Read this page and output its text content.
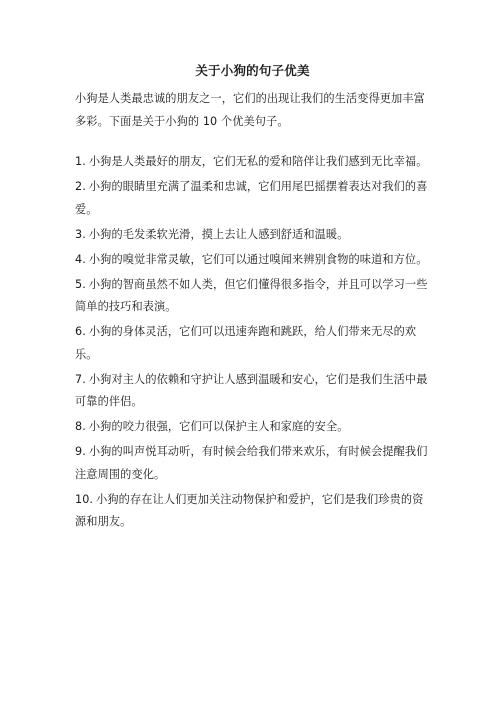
关于小狗的句子优美

小狗是人类最忠诚的朋友之一，它们的出现让我们的生活变得更加丰富多彩。下面是关于小狗的 10 个优美句子。

1. 小狗是人类最好的朋友，它们无私的爱和陪伴让我们感到无比幸福。
2. 小狗的眼睛里充满了温柔和忠诚，它们用尾巴摇摆着表达对我们的喜爱。
3. 小狗的毛发柔软光滑，摸上去让人感到舒适和温暖。
4. 小狗的嗅觉非常灵敏，它们可以通过嗅闻来辨别食物的味道和方位。
5. 小狗的智商虽然不如人类，但它们懂得很多指令，并且可以学习一些简单的技巧和表演。
6. 小狗的身体灵活，它们可以迅速奔跑和跳跃，给人们带来无尽的欢乐。
7. 小狗对主人的依赖和守护让人感到温暖和安心，它们是我们生活中最可靠的伴侣。
8. 小狗的咬力很强，它们可以保护主人和家庭的安全。
9. 小狗的叫声悦耳动听，有时候会给我们带来欢乐，有时候会提醒我们注意周围的变化。
10. 小狗的存在让人们更加关注动物保护和爱护，它们是我们珍贵的资源和朋友。
